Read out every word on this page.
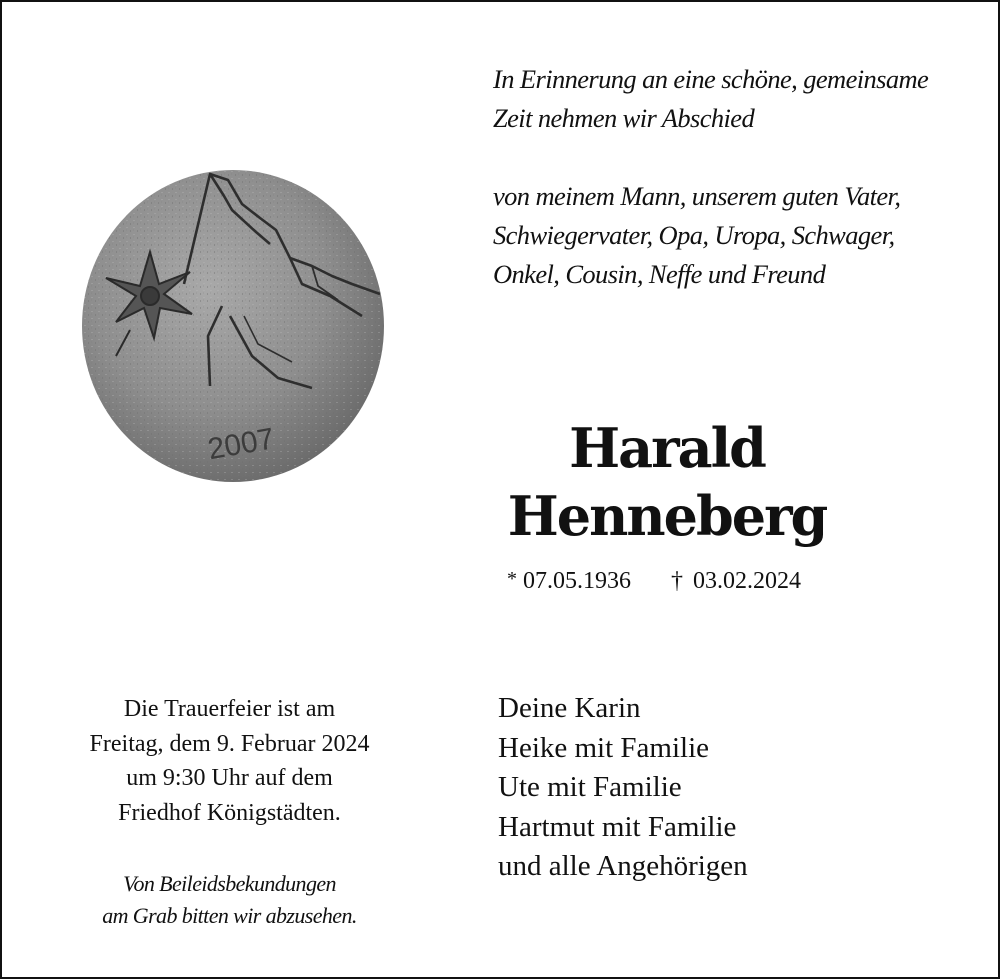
In Erinnerung an eine schöne, gemeinsame
Zeit nehmen wir Abschied
von meinem Mann, unserem guten Vater,
Schwiegervater, Opa, Uropa, Schwager,
Onkel, Cousin, Neffe und Freund
2007	Harald
Henneberg
* 07.05.1936 † 03.02.2024
Die Trauerfeier ist am
Freitag, dem 9. Februar 2024
um 9:30 Uhr auf dem
Friedhof Königstädten.
Von Beileidsbekundungen
am Grab bitten wir abzusehen.
Deine Karin
Heike mit Familie
Ute mit Familie
Hartmut mit Familie
und alle Angehörigen
